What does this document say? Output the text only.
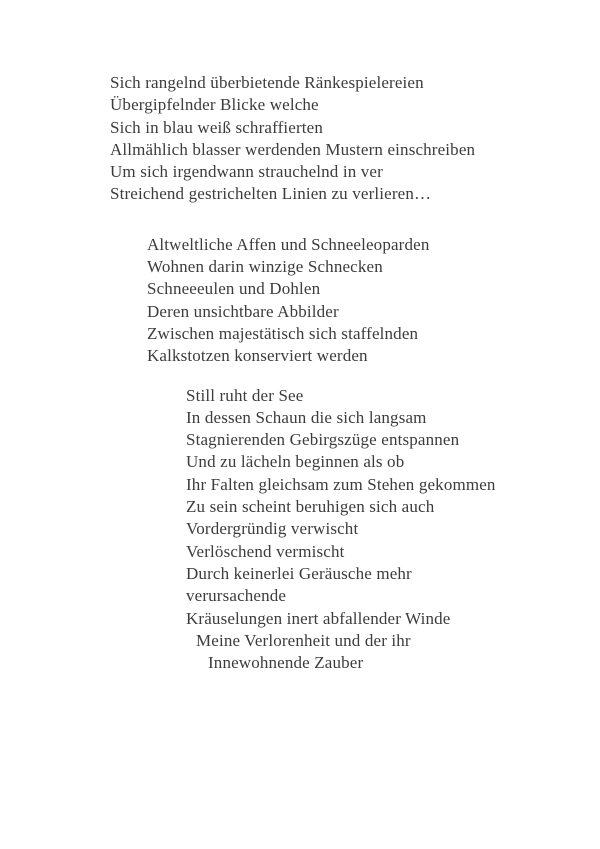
Sich rangelnd überbietende Ränkespielereien
Übergipfelnder Blicke welche
Sich in blau weiß schraffierten
Allmählich blasser werdenden Mustern einschreiben
Um sich irgendwann strauchelnd in ver
Streichend gestrichelten Linien zu verlieren…
Altweltliche Affen und Schneeleoparden
Wohnen darin winzige Schnecken
Schneeeulen und Dohlen
Deren unsichtbare Abbilder
Zwischen majestätisch sich staffelnden
Kalkstotzen konserviert werden
Still ruht der See
In dessen Schaun die sich langsam
Stagnierenden Gebirgszüge entspannen
Und zu lächeln beginnen als ob
Ihr Falten gleichsam zum Stehen gekommen
Zu sein scheint beruhigen sich auch
Vordergründig verwischt
Verlöschend vermischt
Durch keinerlei Geräusche mehr
verursachende
Kräuselungen inert abfallender Winde
Meine Verlorenheit und der ihr
Innewohnende Zauber
